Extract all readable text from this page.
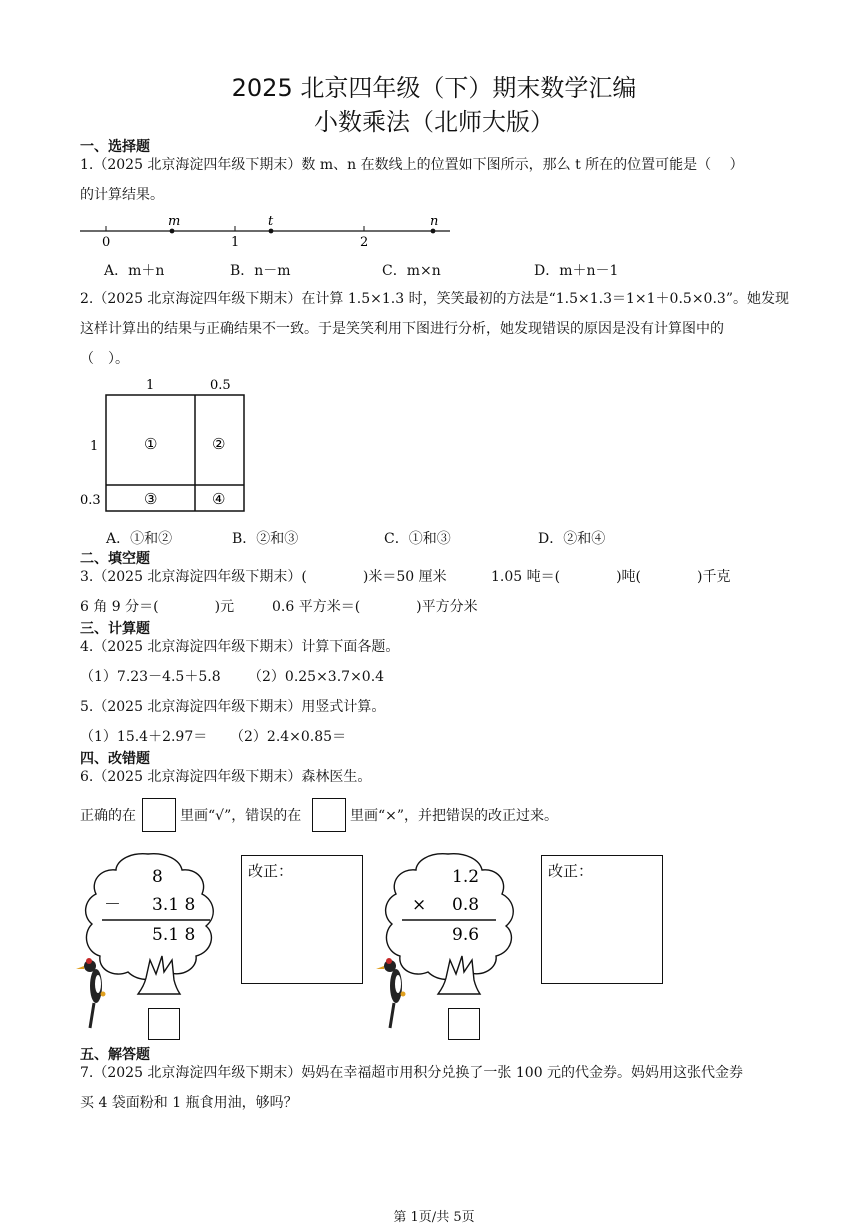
2025 北京四年级（下）期末数学汇编
小数乘法（北师大版）
一、选择题
1.（2025 北京海淀四年级下期末）数 m、n 在数线上的位置如下图所示，那么 t 所在的位置可能是（　 ）
的计算结果。
m	t	n
0	1	2
A．m＋n	B．n－m	C．m×n	D．m＋n－1
2.（2025 北京海淀四年级下期末）在计算 1.5×1.3 时，笑笑最初的方法是“1.5×1.3＝1×1＋0.5×0.3”。她发现
这样计算出的结果与正确结果不一致。于是笑笑利用下图进行分析，她发现错误的原因是没有计算图中的
（　）。
1	0.5
1
0.3
①	②
③	④
A．①和②	B．②和③	C．①和③	D．②和④
二、填空题
3.（2025 北京海淀四年级下期末）(　　　　)米＝50 厘米	1.05 吨＝(　　　　)吨(　　　　)千克
6 角 9 分＝(　　　　)元	0.6 平方米＝(　　　　)平方分米
三、计算题
4.（2025 北京海淀四年级下期末）计算下面各题。
（1）7.23－4.5＋5.8 （2）0.25×3.7×0.4
5.（2025 北京海淀四年级下期末）用竖式计算。
（1）15.4＋2.97＝ （2）2.4×0.85＝
四、改错题
6.（2025 北京海淀四年级下期末）森林医生。
正确的在	里画“√”，错误的在	里画“×”，并把错误的改正过来。
8
－ 3.1 8
5.1 8
改正：	1.2
× 0.8
9.6
改正：
五、解答题
7.（2025 北京海淀四年级下期末）妈妈在幸福超市用积分兑换了一张 100 元的代金券。妈妈用这张代金券
买 4 袋面粉和 1 瓶食用油，够吗？
第 1页/共 5页
